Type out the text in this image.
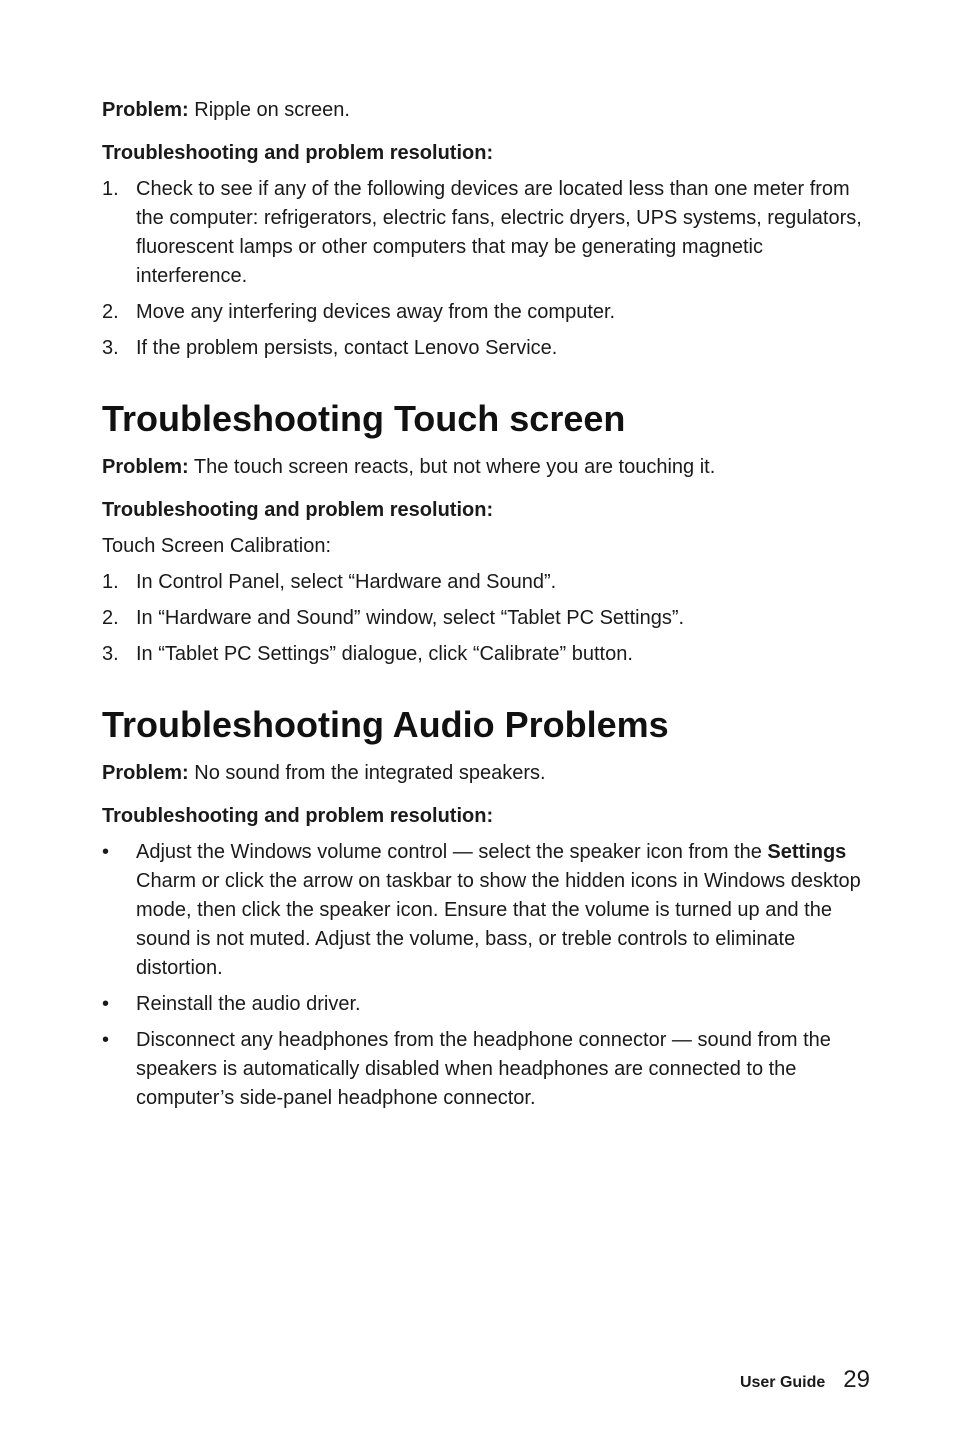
Problem: Ripple on screen.

Troubleshooting and problem resolution:
1. Check to see if any of the following devices are located less than one meter from the computer: refrigerators, electric fans, electric dryers, UPS systems, regulators, fluorescent lamps or other computers that may be generating magnetic interference.
2. Move any interfering devices away from the computer.
3. If the problem persists, contact Lenovo Service.
Troubleshooting Touch screen

Problem: The touch screen reacts, but not where you are touching it.

Troubleshooting and problem resolution:

Touch Screen Calibration:

1. In Control Panel, select “Hardware and Sound”.
2. In “Hardware and Sound” window, select “Tablet PC Settings”.
3. In “Tablet PC Settings” dialogue, click “Calibrate” button.
Troubleshooting Audio Problems

Problem: No sound from the integrated speakers.

Troubleshooting and problem resolution:
• Adjust the Windows volume control — select the speaker icon from the Settings Charm or click the arrow on taskbar to show the hidden icons in Windows desktop mode, then click the speaker icon. Ensure that the volume is turned up and the sound is not muted. Adjust the volume, bass, or treble controls to eliminate distortion.
• Reinstall the audio driver.
• Disconnect any headphones from the headphone connector — sound from the speakers is automatically disabled when headphones are connected to the computer’s side-panel headphone connector.
User Guide 29
